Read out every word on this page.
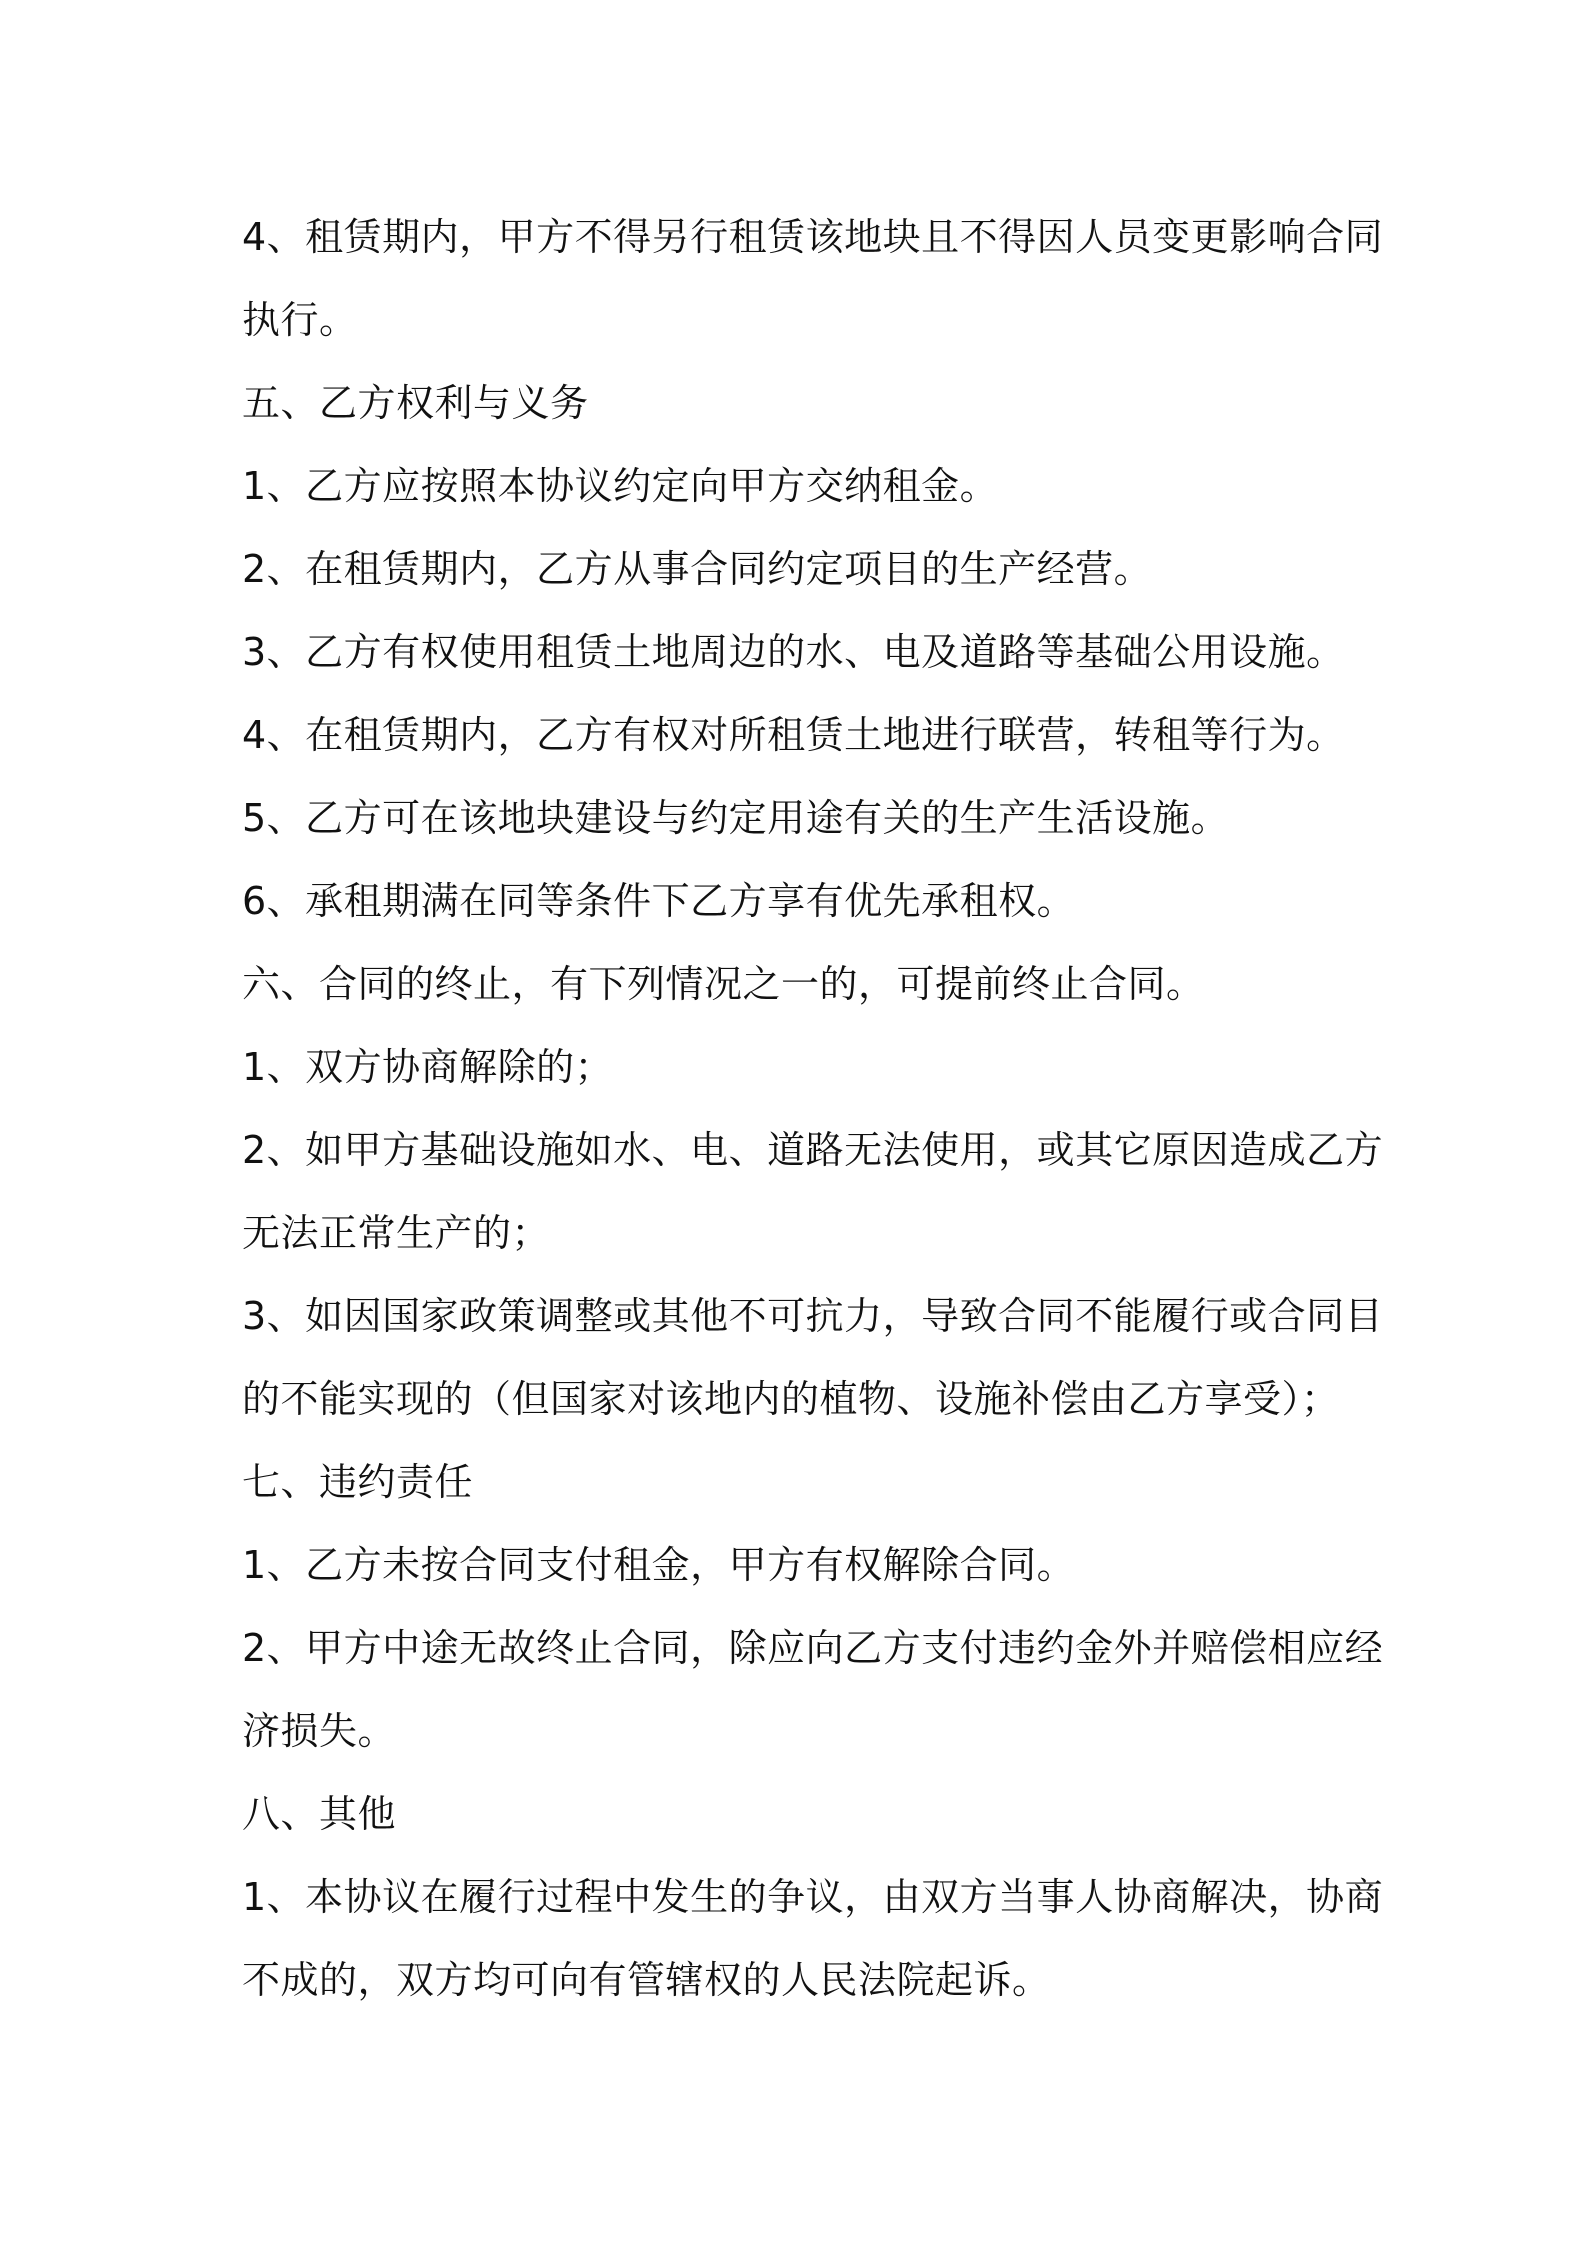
4、租赁期内，甲方不得另行租赁该地块且不得因人员变更影响合同

执行。

五、乙方权利与义务

1、乙方应按照本协议约定向甲方交纳租金。

2、在租赁期内，乙方从事合同约定项目的生产经营。

3、乙方有权使用租赁土地周边的水、电及道路等基础公用设施。

4、在租赁期内，乙方有权对所租赁土地进行联营，转租等行为。

5、乙方可在该地块建设与约定用途有关的生产生活设施。

6、承租期满在同等条件下乙方享有优先承租权。

六、合同的终止，有下列情况之一的，可提前终止合同。

1、双方协商解除的；

2、如甲方基础设施如水、电、道路无法使用，或其它原因造成乙方

无法正常生产的；

3、如因国家政策调整或其他不可抗力，导致合同不能履行或合同目

的不能实现的（但国家对该地内的植物、设施补偿由乙方享受）；

七、违约责任

1、乙方未按合同支付租金，甲方有权解除合同。

2、甲方中途无故终止合同，除应向乙方支付违约金外并赔偿相应经

济损失。

八、其他

1、本协议在履行过程中发生的争议，由双方当事人协商解决，协商

不成的，双方均可向有管辖权的人民法院起诉。
